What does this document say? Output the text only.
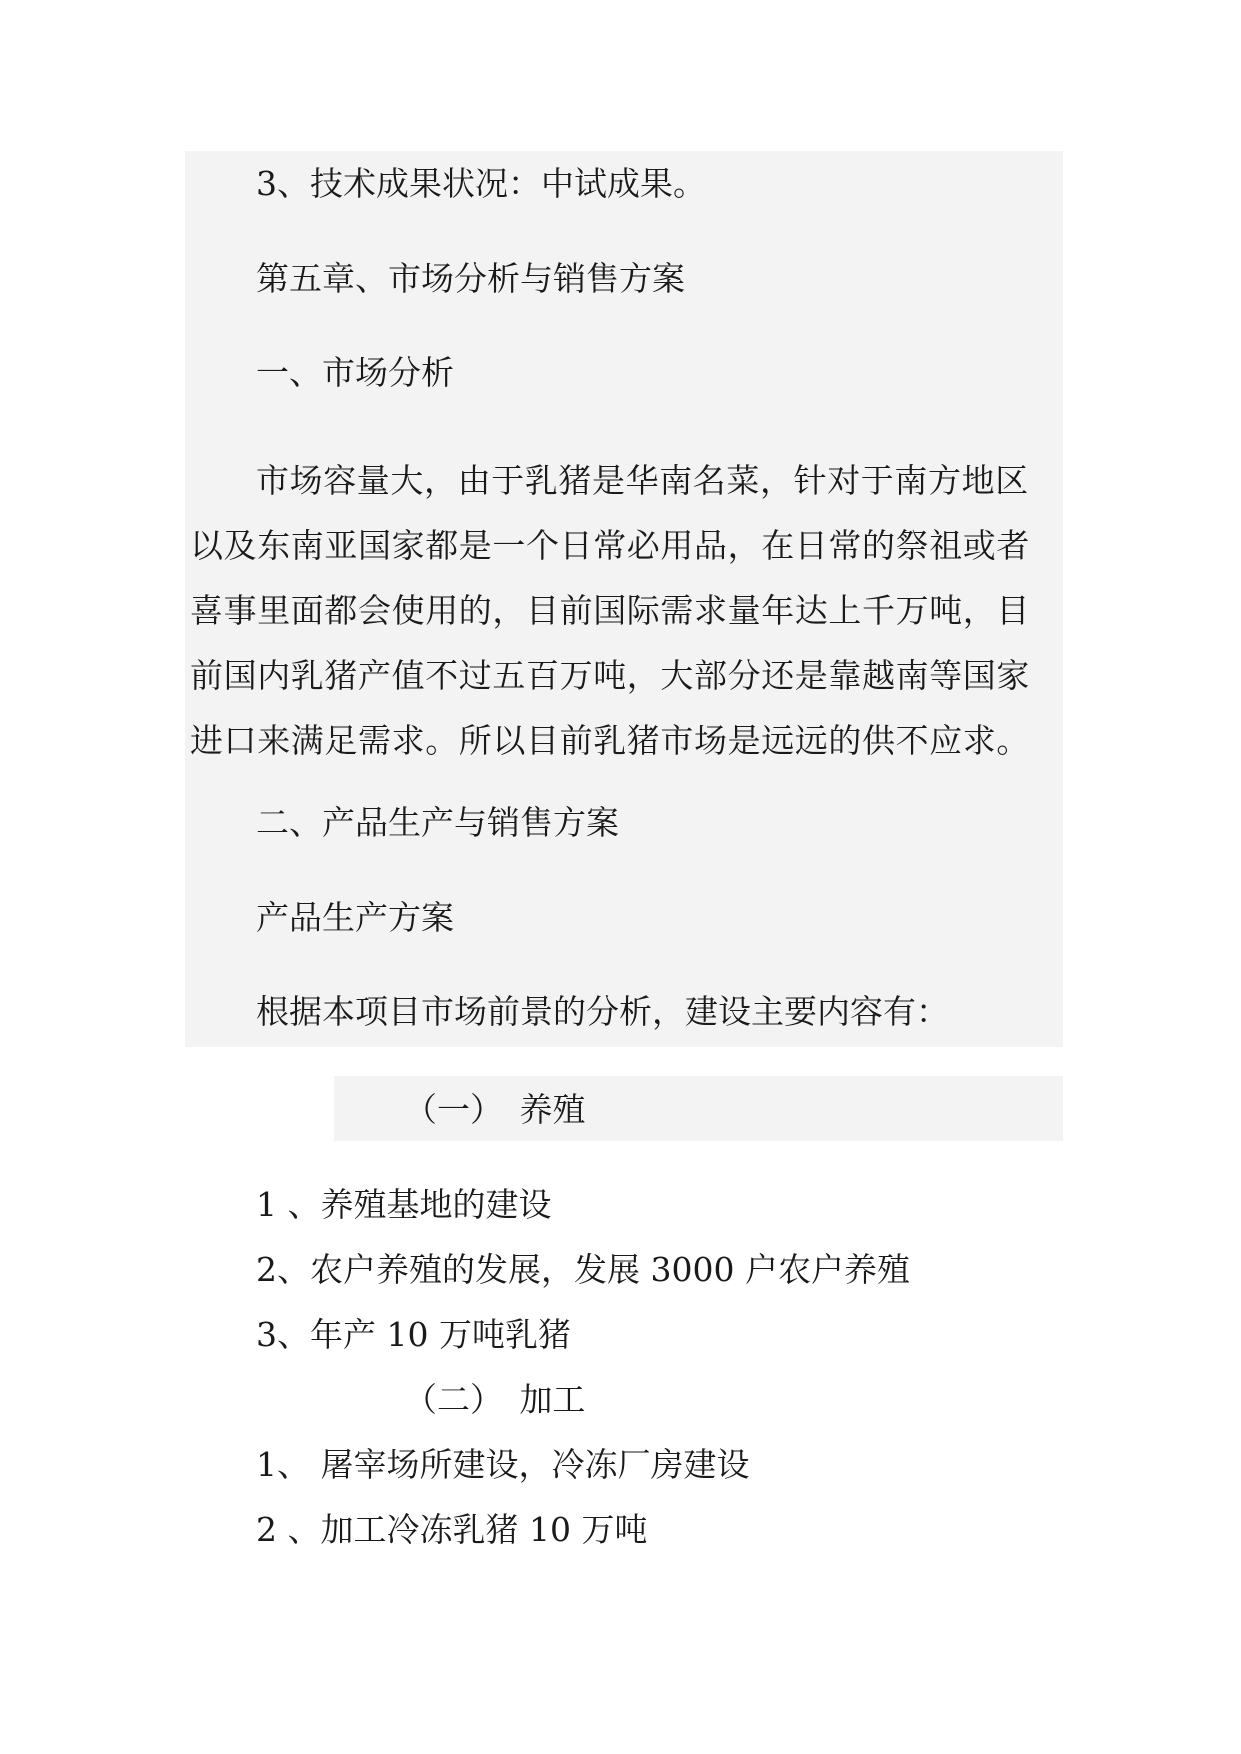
3、技术成果状况：中试成果。
第五章、市场分析与销售方案
一、市场分析

市场容量大，由于乳猪是华南名菜，针对于南方地区以及东南亚国家都是一个日常必用品，在日常的祭祖或者喜事里面都会使用的，目前国际需求量年达上千万吨，目前国内乳猪产值不过五百万吨，大部分还是靠越南等国家进口来满足需求。所以目前乳猪市场是远远的供不应求。

二、产品生产与销售方案
产品生产方案
根据本项目市场前景的分析，建设主要内容有：
（一）　养殖
1 、养殖基地的建设
2、农户养殖的发展，发展 3000 户农户养殖
3、年产 10 万吨乳猪
（二）　加工
1、 屠宰场所建设，冷冻厂房建设
2 、加工冷冻乳猪 10 万吨
